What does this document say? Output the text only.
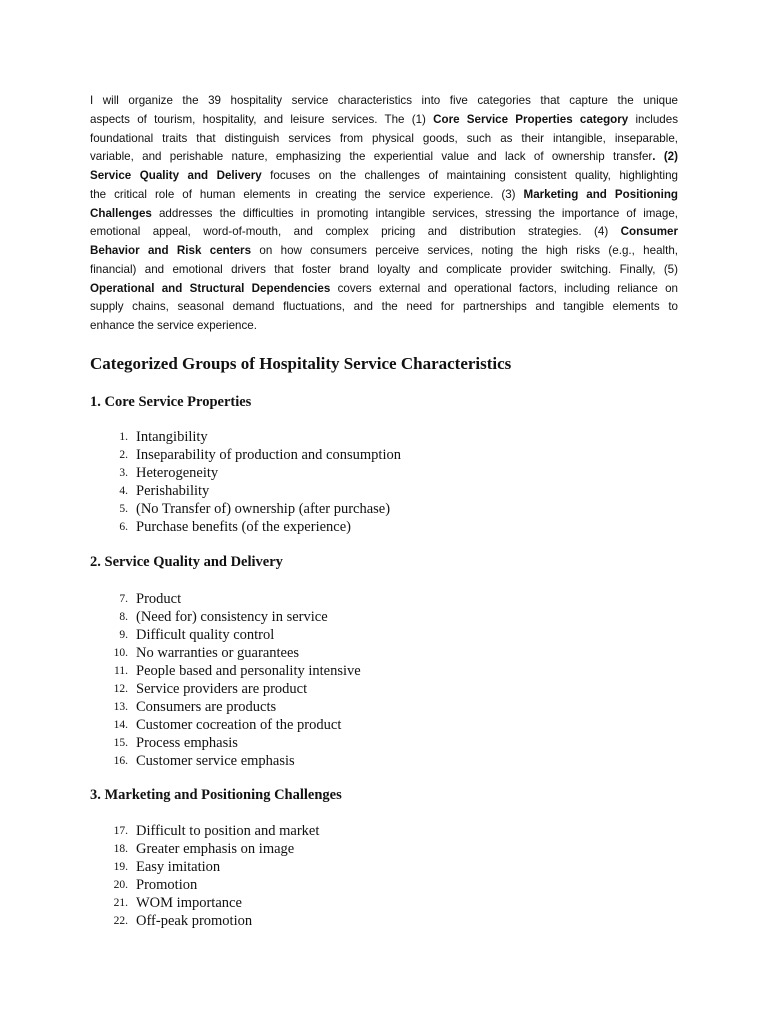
I will organize the 39 hospitality service characteristics into five categories that capture the unique
aspects of tourism, hospitality, and leisure services. The (1) Core Service Properties category includes
foundational traits that distinguish services from physical goods, such as their intangible, inseparable,
variable, and perishable nature, emphasizing the experiential value and lack of ownership transfer. (2)
Service Quality and Delivery focuses on the challenges of maintaining consistent quality, highlighting
the critical role of human elements in creating the service experience. (3) Marketing and Positioning
Challenges addresses the difficulties in promoting intangible services, stressing the importance of image,
emotional appeal, word-of-mouth, and complex pricing and distribution strategies. (4) Consumer
Behavior and Risk centers on how consumers perceive services, noting the high risks (e.g., health,
financial) and emotional drivers that foster brand loyalty and complicate provider switching. Finally, (5)
Operational and Structural Dependencies covers external and operational factors, including reliance on
supply chains, seasonal demand fluctuations, and the need for partnerships and tangible elements to
enhance the service experience.
Categorized Groups of Hospitality Service Characteristics
1. Core Service Properties
1. Intangibility
2. Inseparability of production and consumption
3. Heterogeneity
4. Perishability
5. (No Transfer of) ownership (after purchase)
6. Purchase benefits (of the experience)
2. Service Quality and Delivery
7. Product
8. (Need for) consistency in service
9. Difficult quality control
10. No warranties or guarantees
11. People based and personality intensive
12. Service providers are product
13. Consumers are products
14. Customer cocreation of the product
15. Process emphasis
16. Customer service emphasis
3. Marketing and Positioning Challenges
17. Difficult to position and market
18. Greater emphasis on image
19. Easy imitation
20. Promotion
21. WOM importance
22. Off-peak promotion
